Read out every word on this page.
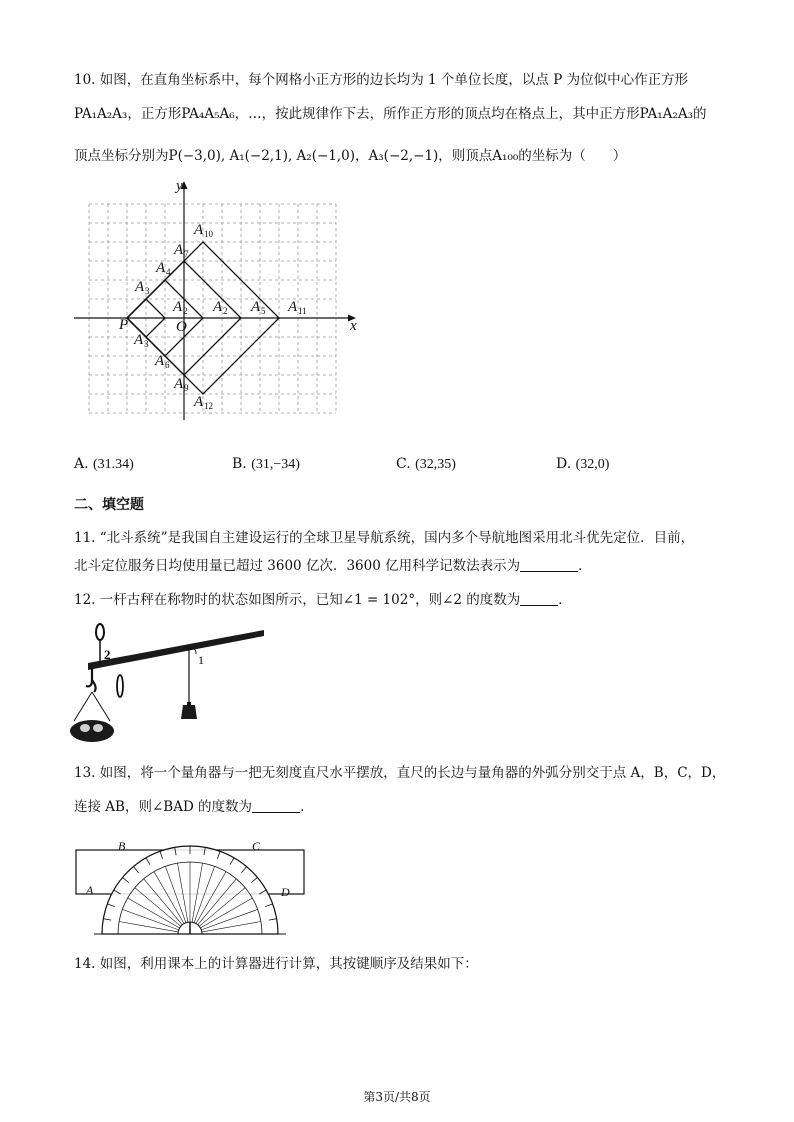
10. 如图，在直角坐标系中，每个网格小正方形的边长均为 1 个单位长度，以点 P 为位似中心作正方形
PA₁A₂A₃，正方形PA₄A₅A₆，…，按此规律作下去，所作正方形的顶点均在格点上，其中正方形PA₁A₂A₃的
顶点坐标分别为P(−3,0), A₁(−2,1), A₂(−1,0)，A₃(−2,−1)，则顶点A₁₀₀的坐标为（　　）
x
y
P	O
A
A A
A
A
A
A
A
A
A
A
A
3
2	2
3
4
5
6
7
9
10
11
12
A. (31.34)	B. (31,−34)	C. (32,35)	D. (32,0)
二、填空题
11. “北斗系统”是我国自主建设运行的全球卫星导航系统，国内多个导航地图采用北斗优先定位．目前，
北斗定位服务日均使用量已超过 3600 亿次．3600 亿用科学记数法表示为	．
12. 一杆古秤在称物时的状态如图所示，已知∠1 = 102°，则∠2 的度数为	．
2	1
13. 如图，将一个量角器与一把无刻度直尺水平摆放，直尺的长边与量角器的外弧分别交于点 A，B，C，D，
连接 AB，则∠BAD 的度数为	．
B	C
A	D
14. 如图，利用课本上的计算器进行计算，其按键顺序及结果如下：
第3页/共8页
